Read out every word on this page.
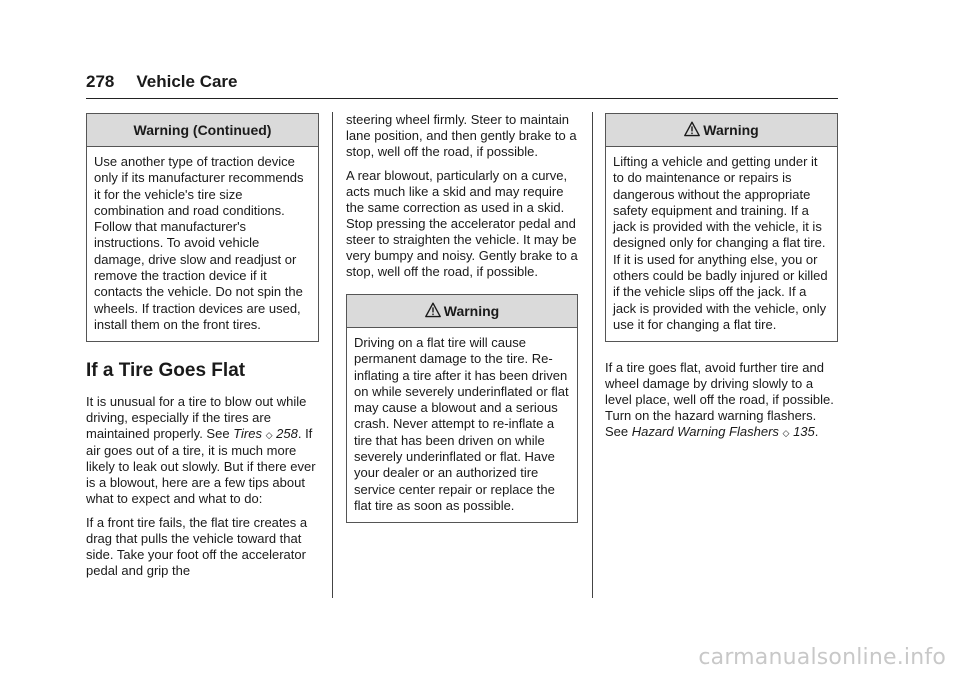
278 Vehicle Care
Warning (Continued)
Use another type of traction device only if its manufacturer recommends it for the vehicle's tire size combination and road conditions. Follow that manufacturer's instructions. To avoid vehicle damage, drive slow and readjust or remove the traction device if it contacts the vehicle. Do not spin the wheels. If traction devices are used, install them on the front tires.
If a Tire Goes Flat

It is unusual for a tire to blow out while driving, especially if the tires are maintained properly. See Tires ◇ 258. If air goes out of a tire, it is much more likely to leak out slowly. But if there ever is a blowout, here are a few tips about what to expect and what to do:

If a front tire fails, the flat tire creates a drag that pulls the vehicle toward that side. Take your foot off the accelerator pedal and grip the

steering wheel firmly. Steer to maintain lane position, and then gently brake to a stop, well off the road, if possible.

A rear blowout, particularly on a curve, acts much like a skid and may require the same correction as used in a skid. Stop pressing the accelerator pedal and steer to straighten the vehicle. It may be very bumpy and noisy. Gently brake to a stop, well off the road, if possible.

Warning
Driving on a flat tire will cause permanent damage to the tire. Re-inflating a tire after it has been driven on while severely underinflated or flat may cause a blowout and a serious crash. Never attempt to re-inflate a tire that has been driven on while severely underinflated or flat. Have your dealer or an authorized tire service center repair or replace the flat tire as soon as possible.
Warning
Lifting a vehicle and getting under it to do maintenance or repairs is dangerous without the appropriate safety equipment and training. If a jack is provided with the vehicle, it is designed only for changing a flat tire. If it is used for anything else, you or others could be badly injured or killed if the vehicle slips off the jack. If a jack is provided with the vehicle, only use it for changing a flat tire.

If a tire goes flat, avoid further tire and wheel damage by driving slowly to a level place, well off the road, if possible. Turn on the hazard warning flashers. See Hazard Warning Flashers ◇ 135.

carmanualsonline.info
